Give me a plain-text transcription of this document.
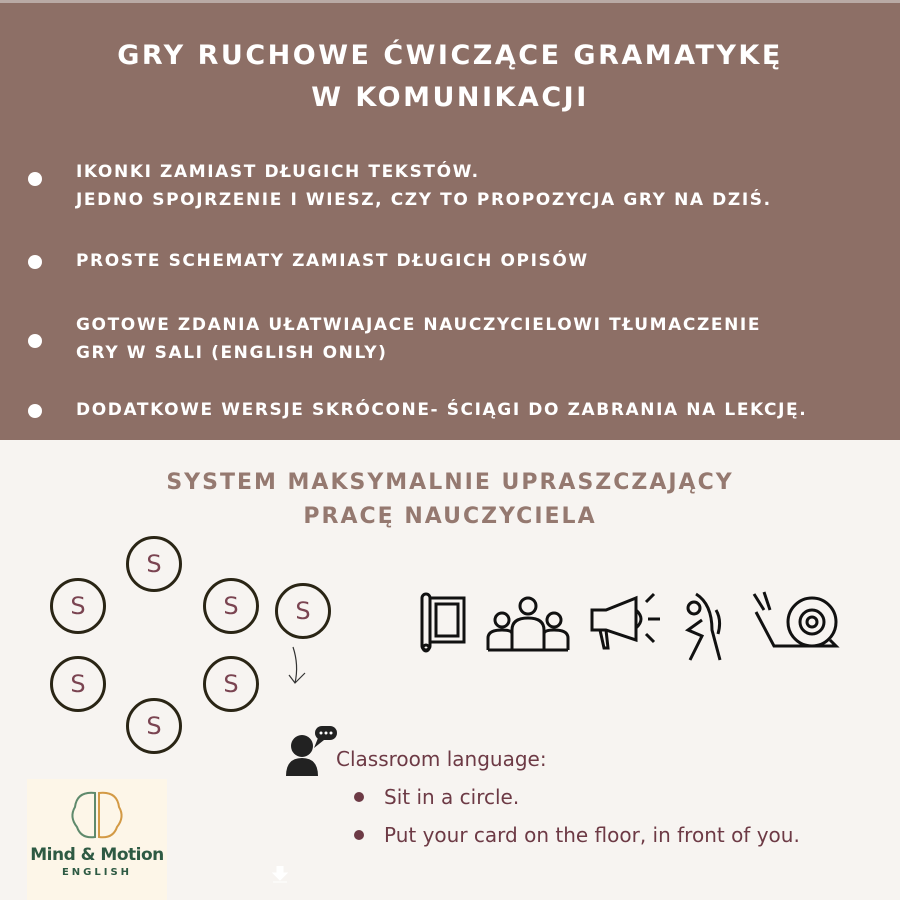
GRY RUCHOWE ĆWICZĄCE GRAMATYKĘ
W KOMUNIKACJI
IKONKI ZAMIAST DŁUGICH TEKSTÓW.
JEDNO SPOJRZENIE I WIESZ, CZY TO PROPOZYCJA GRY NA DZIŚ.
PROSTE SCHEMATY ZAMIAST DŁUGICH OPISÓW
GOTOWE ZDANIA UŁATWIAJACE NAUCZYCIELOWI TŁUMACZENIE
GRY W SALI (ENGLISH ONLY)
DODATKOWE WERSJE SKRÓCONE- ŚCIĄGI DO ZABRANIA NA LEKCJĘ.
SYSTEM MAKSYMALNIE UPRASZCZAJĄCY
PRACĘ NAUCZYCIELA
S
S	S	S
S	S
S
Classroom language:
Sit in a circle.
Put your card on the floor, in front of you.
Mind & Motion
ENGLISH
